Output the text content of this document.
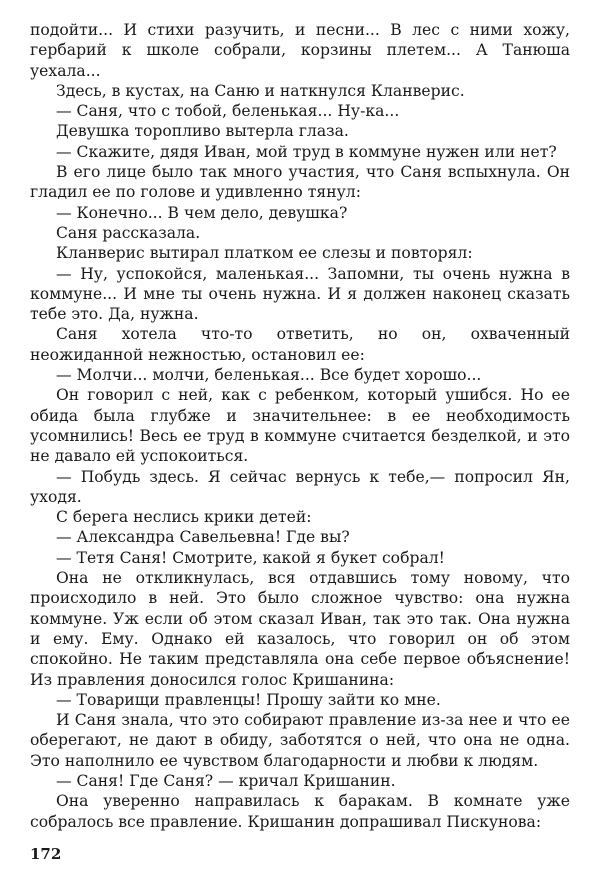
подойти... И стихи разучить, и песни... В лес с ними хожу, гербарий к школе собрали, корзины плетем... А Танюша уехала...

Здесь, в кустах, на Саню и наткнулся Кланверис.

— Саня, что с тобой, беленькая... Ну-ка...

Девушка торопливо вытерла глаза.

— Скажите, дядя Иван, мой труд в коммуне нужен или нет?

В его лице было так много участия, что Саня вспыхнула. Он гладил ее по голове и удивленно тянул:

— Конечно... В чем дело, девушка?

Саня рассказала.

Кланверис вытирал платком ее слезы и повторял:

— Ну, успокойся, маленькая... Запомни, ты очень нужна в коммуне... И мне ты очень нужна. И я должен наконец сказать тебе это. Да, нужна.

Саня хотела что-то ответить, но он, охваченный неожиданной нежностью, остановил ее:

— Молчи... молчи, беленькая... Все будет хорошо...

Он говорил с ней, как с ребенком, который ушибся. Но ее обида была глубже и значительнее: в ее необходимость усомнились! Весь ее труд в коммуне считается безделкой, и это не давало ей успокоиться.

— Побудь здесь. Я сейчас вернусь к тебе,— попросил Ян, уходя.

С берега неслись крики детей:

— Александра Савельевна! Где вы?

— Тетя Саня! Смотрите, какой я букет собрал!

Она не откликнулась, вся отдавшись тому новому, что происходило в ней. Это было сложное чувство: она нужна коммуне. Уж если об этом сказал Иван, так это так. Она нужна и ему. Ему. Однако ей казалось, что говорил он об этом спокойно. Не таким представляла она себе первое объяснение! Из правления доносился голос Кришанина:

— Товарищи правленцы! Прошу зайти ко мне.

И Саня знала, что это собирают правление из-за нее и что ее оберегают, не дают в обиду, заботятся о ней, что она не одна. Это наполнило ее чувством благодарности и любви к людям.

— Саня! Где Саня? — кричал Кришанин.

Она уверенно направилась к баракам. В комнате уже собралось все правление. Кришанин допрашивал Пискунова:

172
